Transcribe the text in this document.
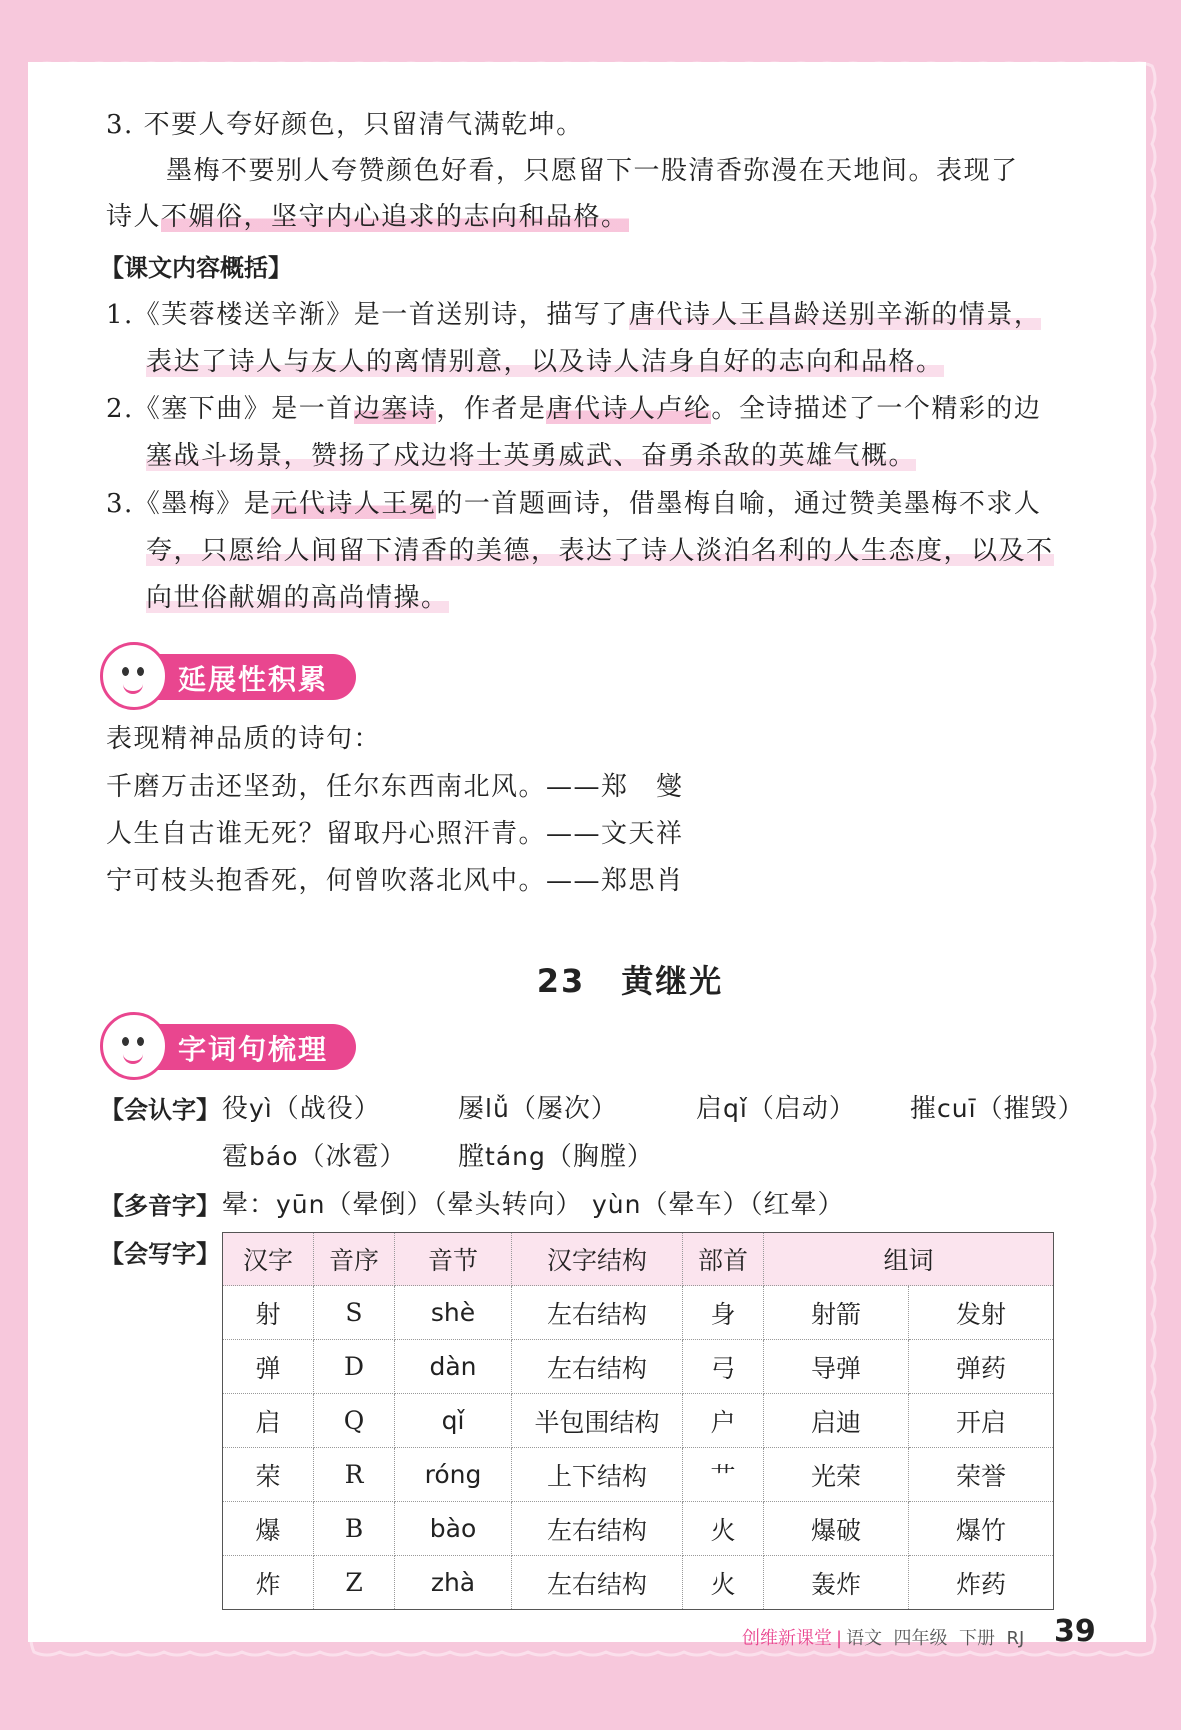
3. 不要人夸好颜色，只留清气满乾坤。
墨梅不要别人夸赞颜色好看，只愿留下一股清香弥漫在天地间。表现了
诗人不媚俗，坚守内心追求的志向和品格。
【课文内容概括】
1.《芙蓉楼送辛渐》是一首送别诗，描写了唐代诗人王昌龄送别辛渐的情景，
表达了诗人与友人的离情别意，以及诗人洁身自好的志向和品格。
2.《塞下曲》是一首边塞诗，作者是唐代诗人卢纶。全诗描述了一个精彩的边
塞战斗场景，赞扬了戍边将士英勇威武、奋勇杀敌的英雄气概。
3.《墨梅》是元代诗人王冕的一首题画诗，借墨梅自喻，通过赞美墨梅不求人
夸，只愿给人间留下清香的美德，表达了诗人淡泊名利的人生态度，以及不
向世俗献媚的高尚情操。
延展性积累
表现精神品质的诗句：
千磨万击还坚劲，任尔东西南北风。——郑　燮
人生自古谁无死？留取丹心照汗青。——文天祥
宁可枝头抱香死，何曾吹落北风中。——郑思肖
23 黄继光
字词句梳理
【会认字】 役yì（战役）	屡lǚ（屡次）	启qǐ（启动） 摧cuī（摧毁）
雹báo（冰雹） 膛táng（胸膛）
【多音字】 晕：yūn（晕倒）（晕头转向） yùn（晕车）（红晕）
【会写字】 汉字	音序	音节	汉字结构	部首	组词	
射	S	shè	左右结构	身	射箭	发射
弹	D	dàn	左右结构	弓	导弹	弹药
启	Q	qǐ	半包围结构	户	启迪	开启
荣	R	róng	上下结构	艹	光荣	荣誉
爆	B	bào	左右结构	火	爆破	爆竹
炸	Z	zhà	左右结构	火	轰炸	炸药
创维新课堂 | 语文 四年级 下册 RJ 39
